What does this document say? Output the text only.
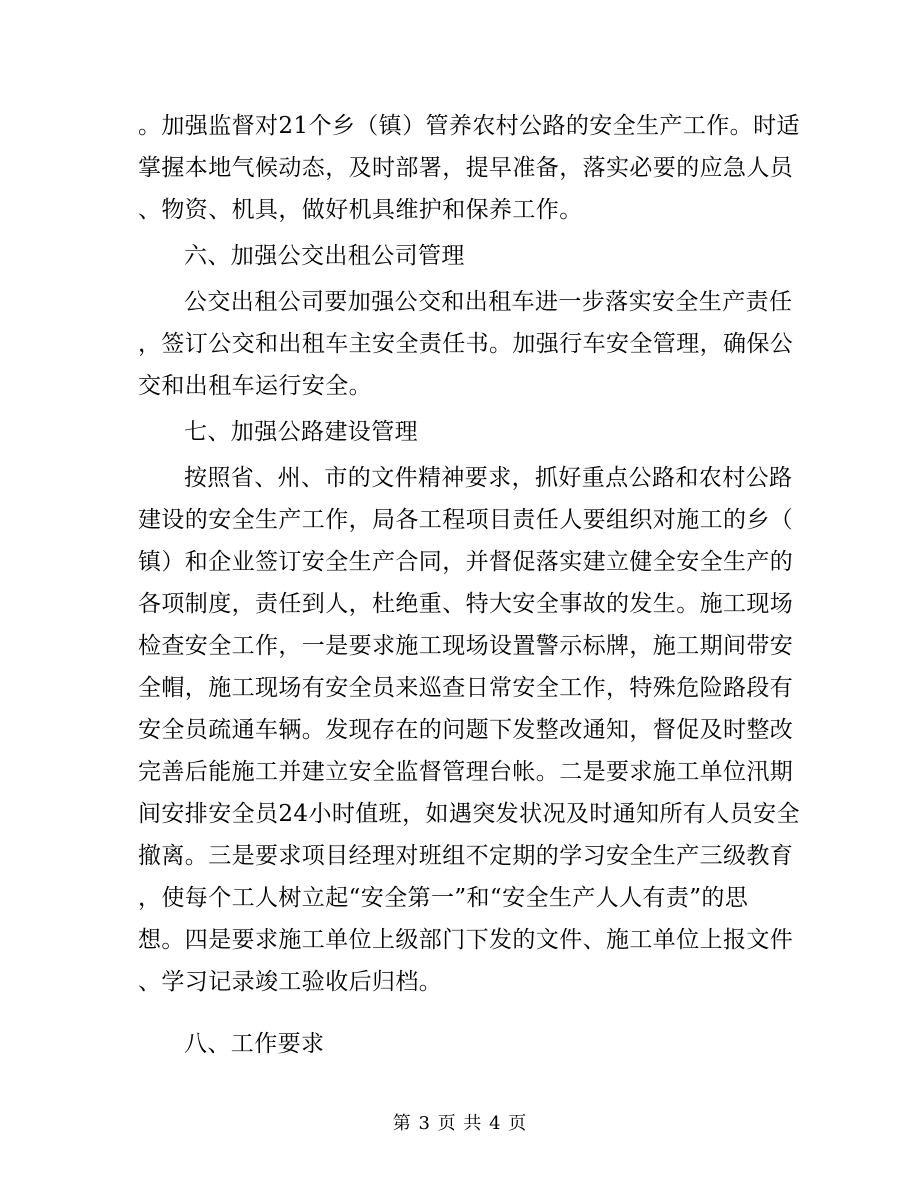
。加强监督对21个乡（镇）管养农村公路的安全生产工作。时适
掌握本地气候动态，及时部署，提早准备，落实必要的应急人员
、物资、机具，做好机具维护和保养工作。
六、加强公交出租公司管理
公交出租公司要加强公交和出租车进一步落实安全生产责任
，签订公交和出租车主安全责任书。加强行车安全管理，确保公
交和出租车运行安全。
七、加强公路建设管理
按照省、州、市的文件精神要求，抓好重点公路和农村公路
建设的安全生产工作，局各工程项目责任人要组织对施工的乡（
镇）和企业签订安全生产合同，并督促落实建立健全安全生产的
各项制度，责任到人，杜绝重、特大安全事故的发生。施工现场
检查安全工作，一是要求施工现场设置警示标牌，施工期间带安
全帽，施工现场有安全员来巡查日常安全工作，特殊危险路段有
安全员疏通车辆。发现存在的问题下发整改通知，督促及时整改
完善后能施工并建立安全监督管理台帐。二是要求施工单位汛期
间安排安全员24小时值班，如遇突发状况及时通知所有人员安全
撤离。三是要求项目经理对班组不定期的学习安全生产三级教育
，使每个工人树立起“安全第一”和“安全生产人人有责”的思
想。四是要求施工单位上级部门下发的文件、施工单位上报文件
、学习记录竣工验收后归档。
八、工作要求
第 3 页 共 4 页
